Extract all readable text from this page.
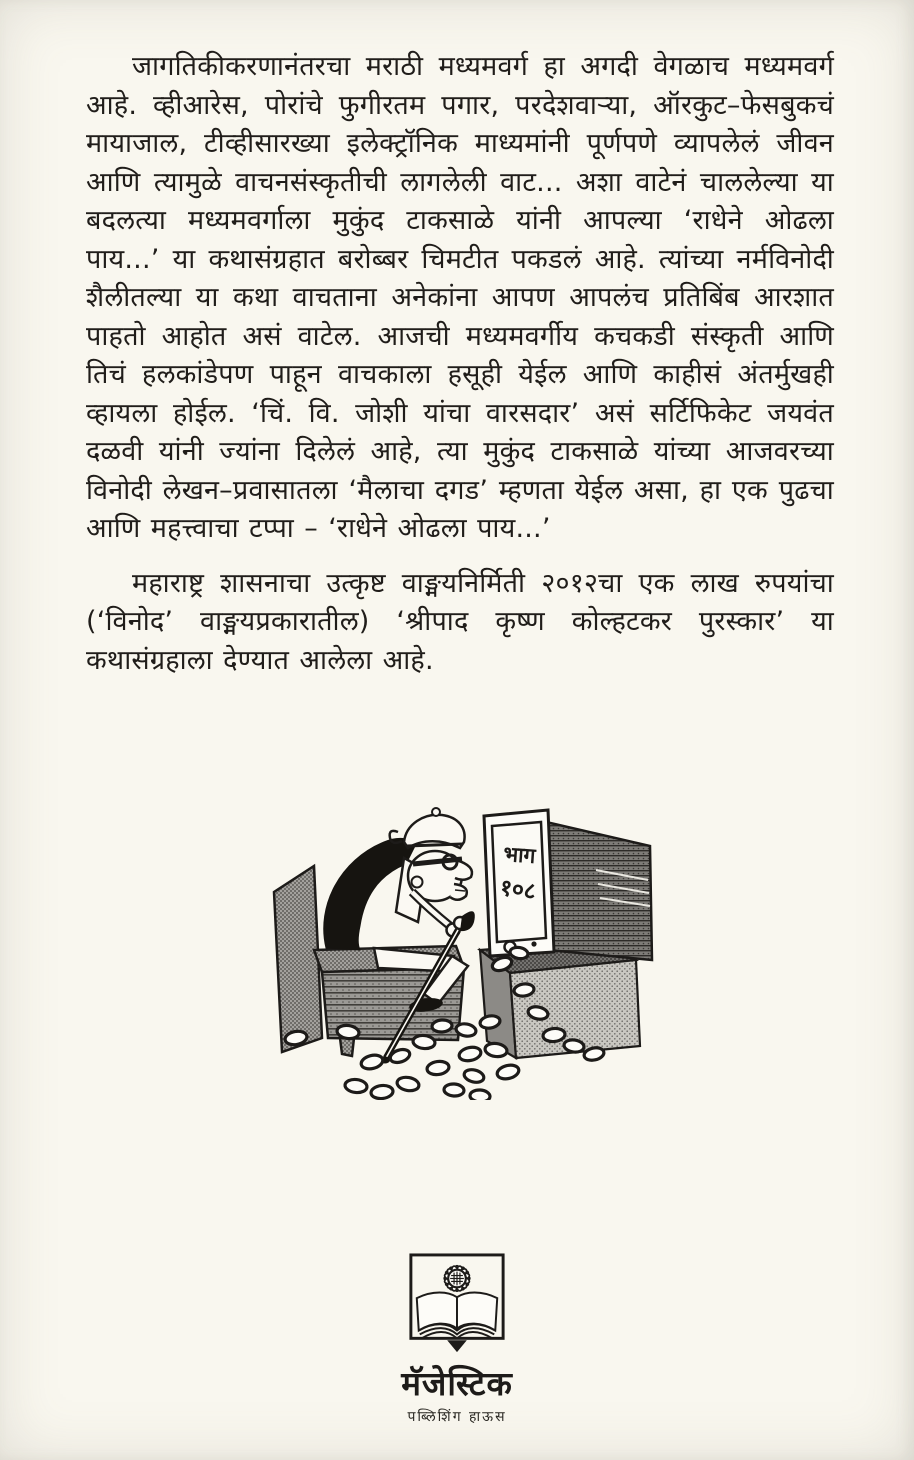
जागतिकीकरणानंतरचा मराठी मध्यमवर्ग हा अगदी वेगळाच मध्यमवर्ग आहे. व्हीआरेस, पोरांचे फुगीरतम पगार, परदेशवाऱ्या, ऑरकुट–फेसबुकचं मायाजाल, टीव्हीसारख्या इलेक्ट्रॉनिक माध्यमांनी पूर्णपणे व्यापलेलं जीवन आणि त्यामुळे वाचनसंस्कृतीची लागलेली वाट... अशा वाटेनं चाललेल्या या बदलत्या मध्यमवर्गाला मुकुंद टाकसाळे यांनी आपल्या ‘राधेने ओढला पाय...’ या कथासंग्रहात बरोब्बर चिमटीत पकडलं आहे. त्यांच्या नर्मविनोदी शैलीतल्या या कथा वाचताना अनेकांना आपण आपलंच प्रतिबिंब आरशात पाहतो आहोत असं वाटेल. आजची मध्यमवर्गीय कचकडी संस्कृती आणि तिचं हलकांडेपण पाहून वाचकाला हसूही येईल आणि काहीसं अंतर्मुखही व्हायला होईल. ‘चिं. वि. जोशी यांचा वारसदार’ असं सर्टिफिकेट जयवंत दळवी यांनी ज्यांना दिलेलं आहे, त्या मुकुंद टाकसाळे यांच्या आजवरच्या विनोदी लेखन–प्रवासातला ‘मैलाचा दगड’ म्हणता येईल असा, हा एक पुढचा आणि महत्त्वाचा टप्पा – ‘राधेने ओढला पाय...’

महाराष्ट्र शासनाचा उत्कृष्ट वाङ्मयनिर्मिती २०१२चा एक लाख रुपयांचा (‘विनोद’ वाङ्मयप्रकारातील) ‘श्रीपाद कृष्ण कोल्हटकर पुरस्कार’ या कथासंग्रहाला देण्यात आलेला आहे.

भाग
१०८
मॅजेस्टिक
पब्लिशिंग हाऊस
